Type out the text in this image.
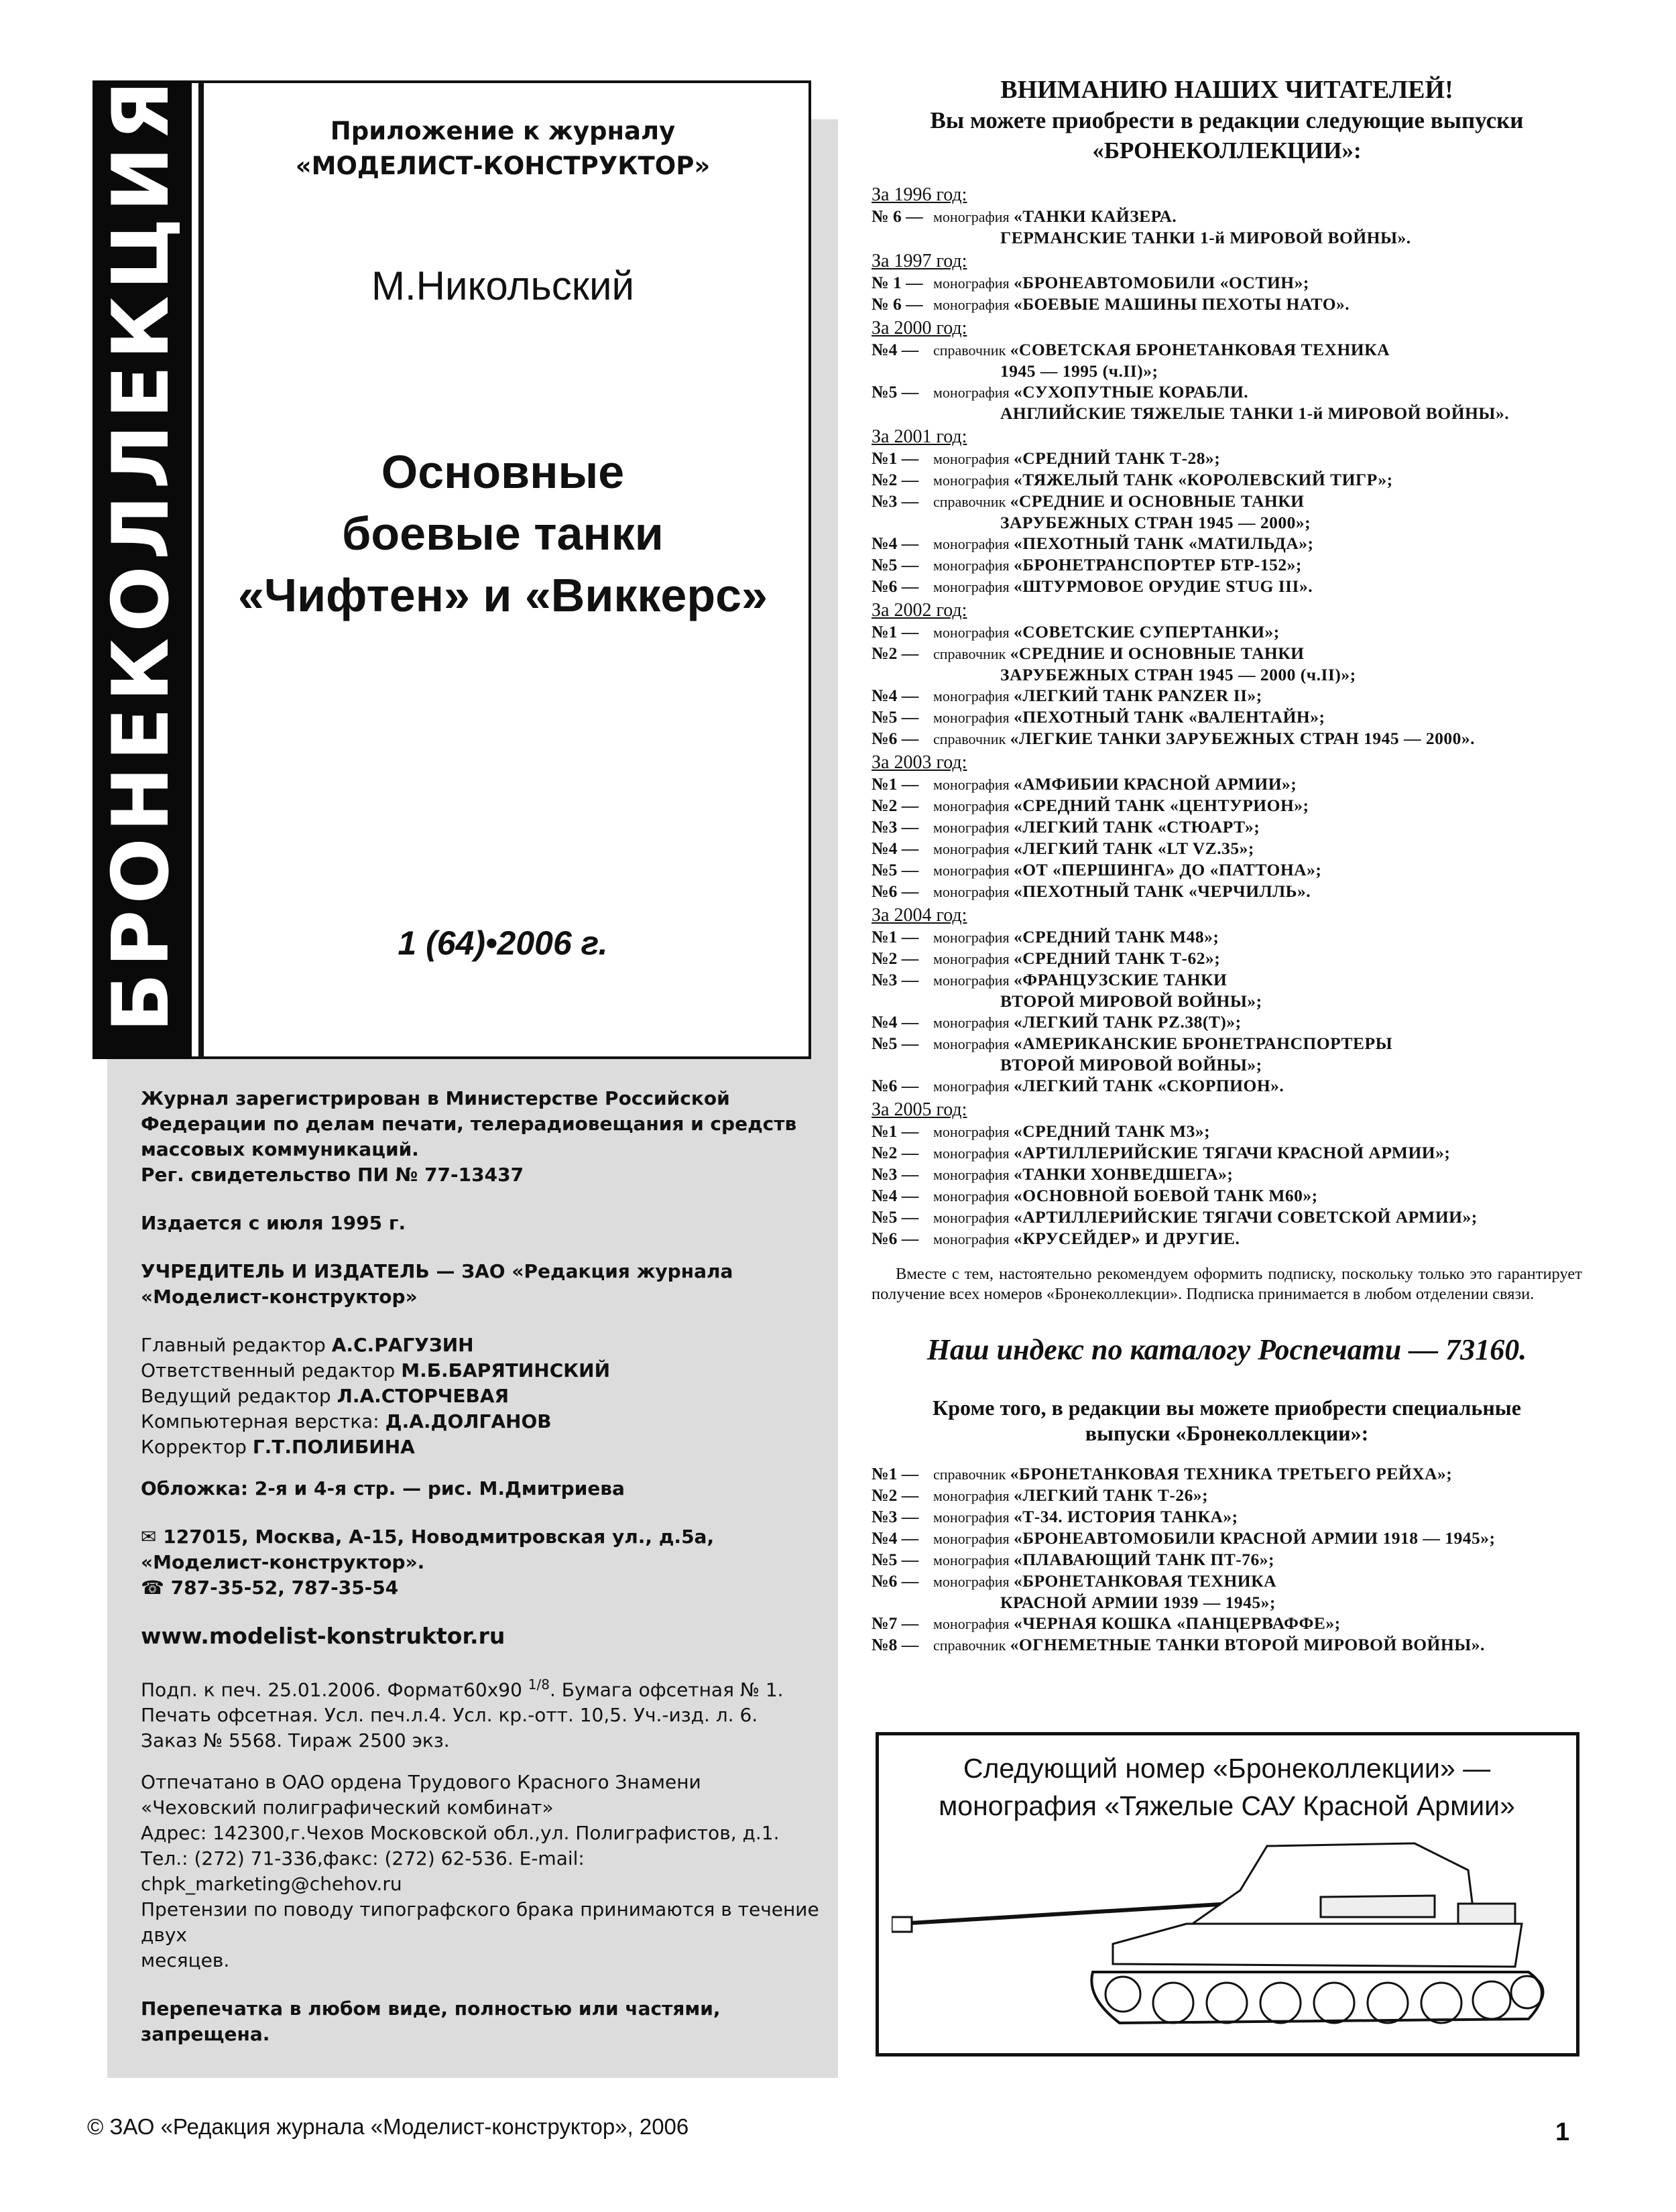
БРОНЕКОЛЛЕКЦИЯ	Приложение к журналу
«МОДЕЛИСТ-КОНСТРУКТОР»
М.Никольский
Основные
боевые танки
«Чифтен» и «Виккерс»
1 (64)•2006 г.

Журнал зарегистрирован в Министерстве Российской

Федерации по делам печати, телерадиовещания и средств

массовых коммуникаций.

Рег. свидетельство ПИ № 77-13437

Издается с июля 1995 г.

УЧРЕДИТЕЛЬ И ИЗДАТЕЛЬ — ЗАО «Редакция журнала

«Моделист-конструктор»

Главный редактор А.С.РАГУЗИН

Ответственный редактор М.Б.БАРЯТИНСКИЙ

Ведущий редактор Л.А.СТОРЧЕВАЯ

Компьютерная верстка: Д.А.ДОЛГАНОВ

Корректор Г.Т.ПОЛИБИНА

Обложка: 2-я и 4-я стр. — рис. М.Дмитриева

✉ 127015, Москва, А-15, Новодмитровская ул., д.5а,

«Моделист-конструктор».

☎ 787-35-52, 787-35-54

www.modelist-konstruktor.ru

Подп. к печ. 25.01.2006. Формат60х90 $^{1/8}$. Бумага офсетная № 1.

Печать офсетная. Усл. печ.л.4. Усл. кр.-отт. 10,5. Уч.-изд. л. 6.

Заказ № 5568. Тираж 2500 экз.

Отпечатано в ОАО ордена Трудового Красного Знамени

«Чеховский полиграфический комбинат»

Адрес: 142300,г.Чехов Московской обл.,ул. Полиграфистов, д.1.

Тел.: (272) 71-336,факс: (272) 62-536. E-mail: chpk_marketing@chehov.ru

Претензии по поводу типографского брака принимаются в течение двух

месяцев.

Перепечатка в любом виде, полностью или частями,

запрещена.

ВНИМАНИЮ НАШИХ ЧИТАТЕЛЕЙ!
Вы можете приобрести в редакции следующие выпуски
«БРОНЕКОЛЛЕКЦИИ»:
За 1996 год:
№ 6 — монография «ТАНКИ КАЙЗЕРА.
ГЕРМАНСКИЕ ТАНКИ 1-й МИРОВОЙ ВОЙНЫ».
За 1997 год:
№ 1 — монография «БРОНЕАВТОМОБИЛИ «ОСТИН»;
№ 6 — монография «БОЕВЫЕ МАШИНЫ ПЕХОТЫ НАТО».
За 2000 год:
№4 — справочник «СОВЕТСКАЯ БРОНЕТАНКОВАЯ ТЕХНИКА
1945 — 1995 (ч.II)»;
№5 — монография «СУХОПУТНЫЕ КОРАБЛИ.
АНГЛИЙСКИЕ ТЯЖЕЛЫЕ ТАНКИ 1-й МИРОВОЙ ВОЙНЫ».
За 2001 год:
№1 — монография «СРЕДНИЙ ТАНК Т-28»;
№2 — монография «ТЯЖЕЛЫЙ ТАНК «КОРОЛЕВСКИЙ ТИГР»;
№3 — справочник «СРЕДНИЕ И ОСНОВНЫЕ ТАНКИ
ЗАРУБЕЖНЫХ СТРАН 1945 — 2000»;
№4 — монография «ПЕХОТНЫЙ ТАНК «МАТИЛЬДА»;
№5 — монография «БРОНЕТРАНСПОРТЕР БТР-152»;
№6 — монография «ШТУРМОВОЕ ОРУДИЕ STUG III».
За 2002 год:
№1 — монография «СОВЕТСКИЕ СУПЕРТАНКИ»;
№2 — справочник «СРЕДНИЕ И ОСНОВНЫЕ ТАНКИ
ЗАРУБЕЖНЫХ СТРАН 1945 — 2000 (ч.II)»;
№4 — монография «ЛЕГКИЙ ТАНК PANZER II»;
№5 — монография «ПЕХОТНЫЙ ТАНК «ВАЛЕНТАЙН»;
№6 — справочник «ЛЕГКИЕ ТАНКИ ЗАРУБЕЖНЫХ СТРАН 1945 — 2000».
За 2003 год:
№1 — монография «АМФИБИИ КРАСНОЙ АРМИИ»;
№2 — монография «СРЕДНИЙ ТАНК «ЦЕНТУРИОН»;
№3 — монография «ЛЕГКИЙ ТАНК «СТЮАРТ»;
№4 — монография «ЛЕГКИЙ ТАНК «LT VZ.35»;
№5 — монография «ОТ «ПЕРШИНГА» ДО «ПАТТОНА»;
№6 — монография «ПЕХОТНЫЙ ТАНК «ЧЕРЧИЛЛЬ».
За 2004 год:
№1 — монография «СРЕДНИЙ ТАНК М48»;
№2 — монография «СРЕДНИЙ ТАНК Т-62»;
№3 — монография «ФРАНЦУЗСКИЕ ТАНКИ
ВТОРОЙ МИРОВОЙ ВОЙНЫ»;
№4 — монография «ЛЕГКИЙ ТАНК PZ.38(T)»;
№5 — монография «АМЕРИКАНСКИЕ БРОНЕТРАНСПОРТЕРЫ
ВТОРОЙ МИРОВОЙ ВОЙНЫ»;
№6 — монография «ЛЕГКИЙ ТАНК «СКОРПИОН».
За 2005 год:
№1 — монография «СРЕДНИЙ ТАНК М3»;
№2 — монография «АРТИЛЛЕРИЙСКИЕ ТЯГАЧИ КРАСНОЙ АРМИИ»;
№3 — монография «ТАНКИ ХОНВЕДШЕГА»;
№4 — монография «ОСНОВНОЙ БОЕВОЙ ТАНК М60»;
№5 — монография «АРТИЛЛЕРИЙСКИЕ ТЯГАЧИ СОВЕТСКОЙ АРМИИ»;
№6 — монография «КРУСЕЙДЕР» И ДРУГИЕ.
Вместе с тем, настоятельно рекомендуем оформить подписку, поскольку только это гарантирует получение всех номеров «Бронеколлекции». Подписка принимается в любом отделении связи.
Наш индекс по каталогу Роспечати — 73160.
Кроме того, в редакции вы можете приобрести специальные
выпуски «Бронеколлекции»:
№1 — справочник «БРОНЕТАНКОВАЯ ТЕХНИКА ТРЕТЬЕГО РЕЙХА»;
№2 — монография «ЛЕГКИЙ ТАНК Т-26»;
№3 — монография «Т-34. ИСТОРИЯ ТАНКА»;
№4 — монография «БРОНЕАВТОМОБИЛИ КРАСНОЙ АРМИИ 1918 — 1945»;
№5 — монография «ПЛАВАЮЩИЙ ТАНК ПТ-76»;
№6 — монография «БРОНЕТАНКОВАЯ ТЕХНИКА
КРАСНОЙ АРМИИ 1939 — 1945»;
№7 — монография «ЧЕРНАЯ КОШКА «ПАНЦЕРВАФФЕ»;
№8 — справочник «ОГНЕМЕТНЫЕ ТАНКИ ВТОРОЙ МИРОВОЙ ВОЙНЫ».
Следующий номер «Бронеколлекции» —
монография «Тяжелые САУ Красной Армии»
© ЗАО «Редакция журнала «Моделист-конструктор», 2006	1
